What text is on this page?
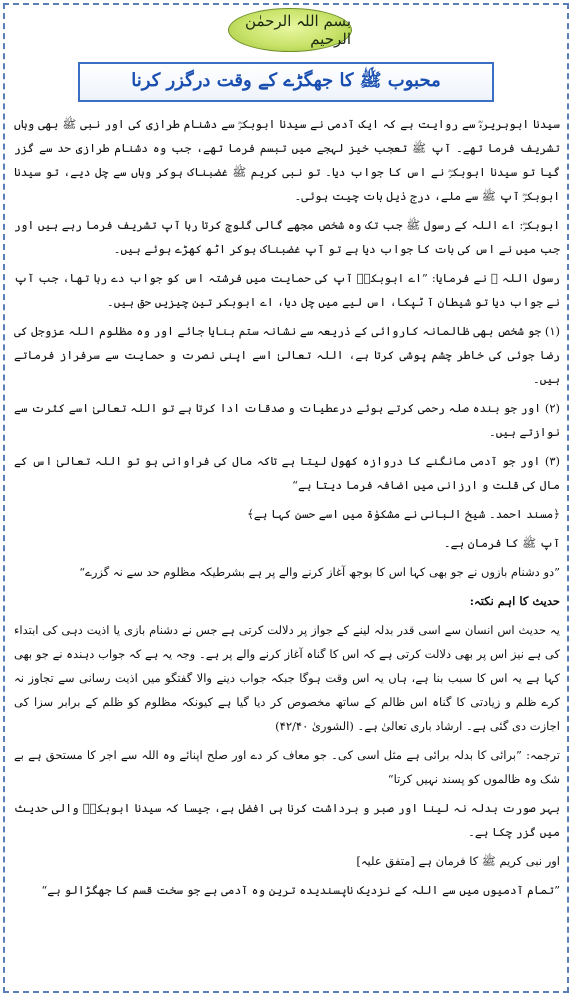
بسم اللہ الرحمٰن الرحیم
محبوب ﷺ کا جھگڑے کے وقت درگزر کرنا

سیدنا ابوہریرہؓ سے روایت ہے کہ ایک آدمی نے سیدنا ابوبکرؓ سے دشنام طرازی کی اور نبی ﷺ بھی وہاں تشریف فرما تھے۔ آپ ﷺ تعجب خیز لہجے میں تبسم فرما تھے، جب وہ دشنام طرازی حد سے گزر گیا تو سیدنا ابوبکرؓ نے اس کا جواب دیا۔ تو نبی کریم ﷺ غضبناک ہوکر وہاں سے چل دیے، تو سیدنا ابوبکرؓ آپ ﷺ سے ملے، درج ذیل بات چیت ہوئی۔

ابوبکرؓ: اے اللہ کے رسول ﷺ جب تک وہ شخص مجھے گالی گلوچ کرتا رہا آپ تشریف فرما رہے ہیں اور جب میں نے اس کی بات کا جواب دیا ہے تو آپ غضبناک ہوکر اٹھ کھڑے ہوئے ہیں۔

رسول اللہ ﷺ نے فرمایا: ”اے ابوبکرؓ آپ کی حمایت میں فرشتہ اس کو جواب دے رہا تھا، جب آپ نے جواب دیا تو شیطان آ ٹپکا، اس لیے میں چل دیا، اے ابوبکر تین چیزیں حق ہیں۔

(۱) جو شخص بھی ظالمانہ کاروائی کے ذریعہ سے نشانہ ستم بنایا جائے اور وہ مظلوم اللہ عزوجل کی رضا جوئی کی خاطر چشم پوشی کرتا ہے، اللہ تعالیٰ اسے اپنی نصرت و حمایت سے سرفراز فرماتے ہیں۔

(۲) اور جو بندہ صلہ رحمی کرتے ہوئے درعطیات و صدقات ادا کرتا ہے تو اللہ تعالیٰ اسے کثرت سے نوازتے ہیں۔

(۳) اور جو آدمی مانگنے کا دروازہ کھول لیتا ہے تاکہ مال کی فراوانی ہو تو اللہ تعالیٰ اس کے مال کی قلت و ارزانی میں اضافہ فرما دیتا ہے“

﴿مسند احمد۔ شیخ البانی نے مشکوٰۃ میں اسے حسن کہا ہے﴾

آپ ﷺ کا فرمان ہے۔

”دو دشنام بازوں نے جو بھی کہا اس کا بوجھ آغاز کرنے والے پر ہے بشرطیکہ مظلوم حد سے نہ گزرے“

حدیث کا اہم نکتہ:

یہ حدیث اس انسان سے اسی قدر بدلہ لینے کے جواز پر دلالت کرتی ہے جس نے دشنام بازی یا اذیت دہی کی ابتداء کی ہے نیز اس پر بھی دلالت کرتی ہے کہ اس کا گناہ آغاز کرنے والے پر ہے۔ وجہ یہ ہے کہ جواب دہندہ نے جو بھی کہا ہے یہ اس کا سبب بنا ہے، ہاں یہ اس وقت ہوگا جبکہ جواب دینے والا گفتگو میں اذیت رسانی سے تجاوز نہ کرے ظلم و زیادتی کا گناہ اس ظالم کے ساتھ مخصوص کر دیا گیا ہے کیونکہ مظلوم کو ظلم کے برابر سزا کی اجازت دی گئی ہے۔ ارشاد باری تعالیٰ ہے۔ (الشوریٰ ۴۲/۴۰)

ترجمہ: ”برائی کا بدلہ برائی ہے مثل اسی کی۔ جو معاف کر دے اور صلح اپنائے وہ اللہ سے اجر کا مستحق ہے بے شک وہ ظالموں کو پسند نہیں کرتا“

بہر صورت بدلہ نہ لینا اور صبر و برداشت کرنا ہی افضل ہے، جیسا کہ سیدنا ابوبکرؓ والی حدیث میں گزر چکا ہے۔

اور نبی کریم ﷺ کا فرمان ہے [متفق علیہ]

”تمام آدمیوں میں سے اللہ کے نزدیک ناپسندیدہ ترین وہ آدمی ہے جو سخت قسم کا جھگڑالو ہے“
